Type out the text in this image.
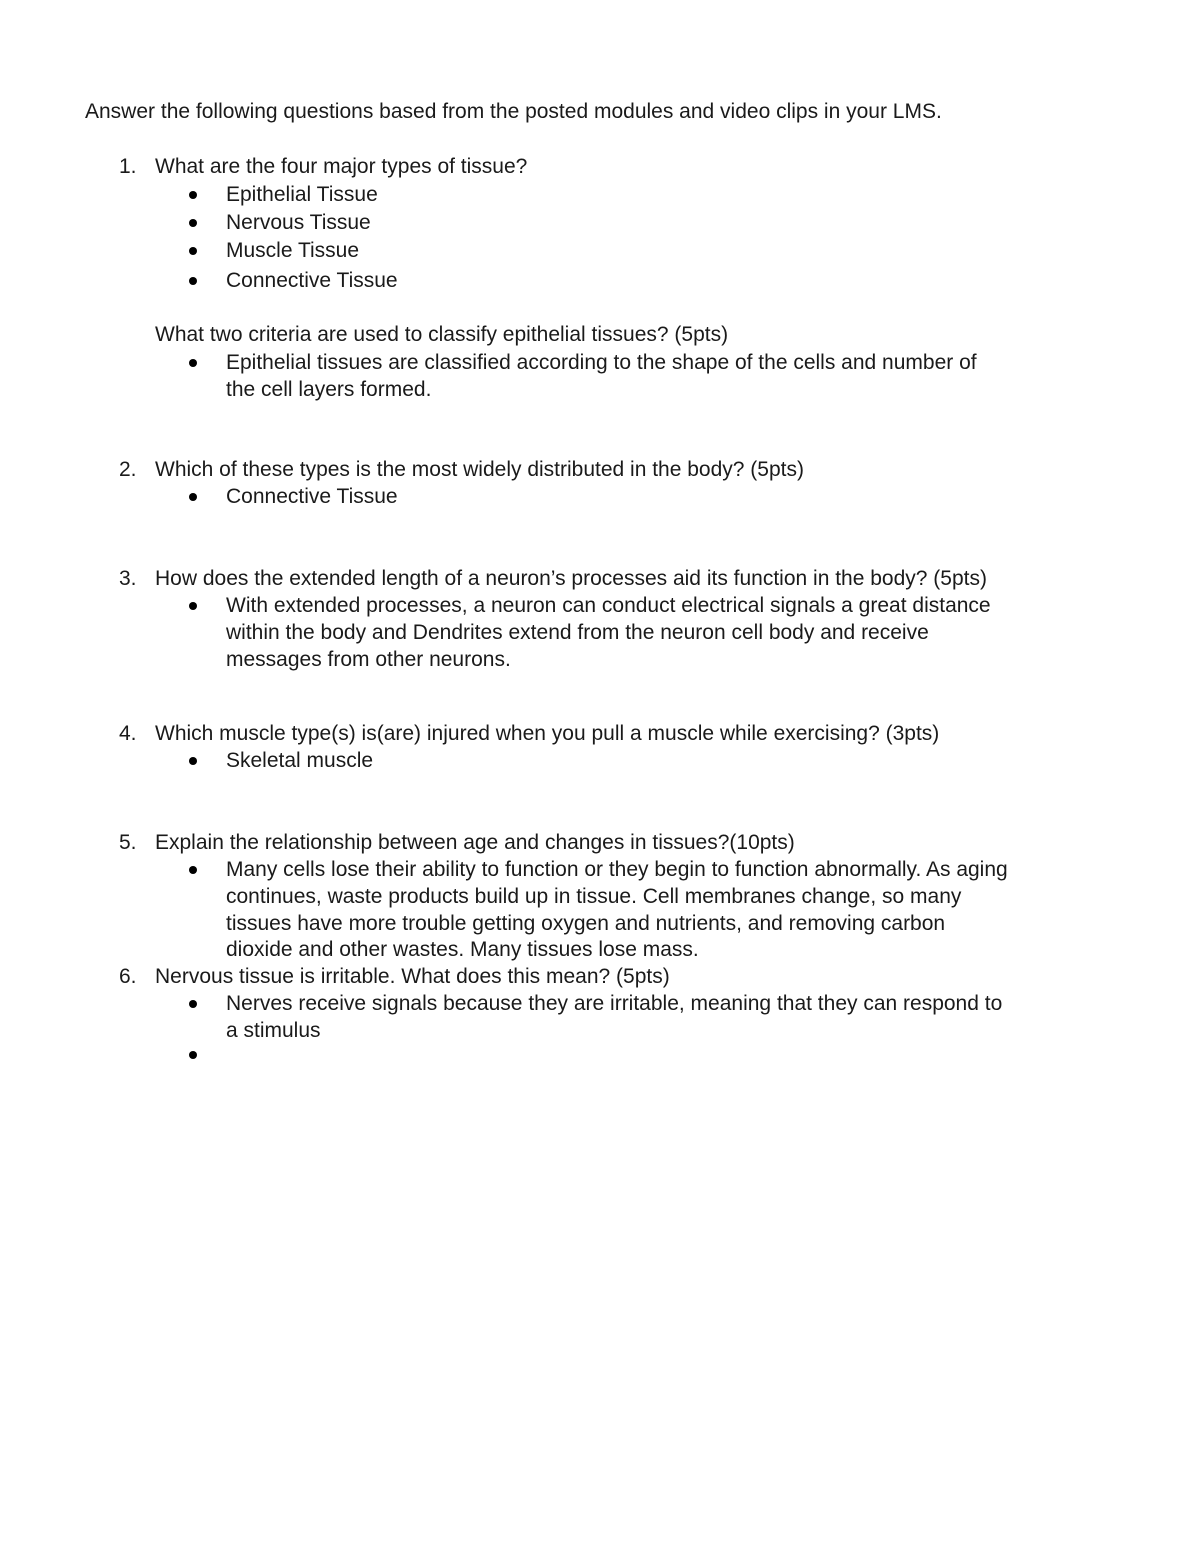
Answer the following questions based from the posted modules and video clips in your LMS.
1. What are the four major types of tissue?
Epithelial Tissue
Nervous Tissue
Muscle Tissue
Connective Tissue
What two criteria are used to classify epithelial tissues? (5pts)
Epithelial tissues are classified according to the shape of the cells and number of
the cell layers formed.
2. Which of these types is the most widely distributed in the body? (5pts)
Connective Tissue
3. How does the extended length of a neuron’s processes aid its function in the body? (5pts)
With extended processes, a neuron can conduct electrical signals a great distance
within the body and Dendrites extend from the neuron cell body and receive
messages from other neurons.
4. Which muscle type(s) is(are) injured when you pull a muscle while exercising? (3pts)
Skeletal muscle
5. Explain the relationship between age and changes in tissues?(10pts)
Many cells lose their ability to function or they begin to function abnormally. As aging
continues, waste products build up in tissue. Cell membranes change, so many
tissues have more trouble getting oxygen and nutrients, and removing carbon
dioxide and other wastes. Many tissues lose mass.
6. Nervous tissue is irritable. What does this mean? (5pts)
Nerves receive signals because they are irritable, meaning that they can respond to
a stimulus
